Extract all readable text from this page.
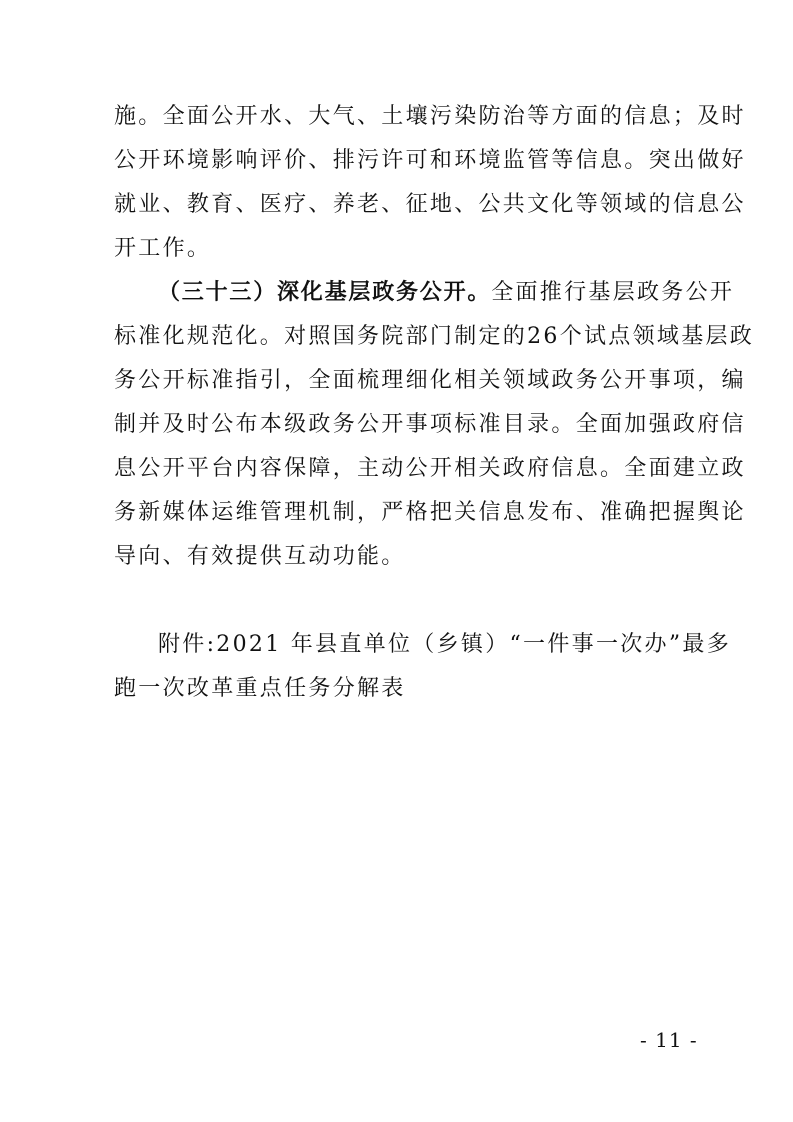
施。全面公开水、大气、土壤污染防治等方面的信息；及时
公开环境影响评价、排污许可和环境监管等信息。突出做好
就业、教育、医疗、养老、征地、公共文化等领域的信息公
开工作。
（三十三）深化基层政务公开。全面推行基层政务公开
标准化规范化。对照国务院部门制定的26个试点领域基层政
务公开标准指引，全面梳理细化相关领域政务公开事项，编
制并及时公布本级政务公开事项标准目录。全面加强政府信
息公开平台内容保障，主动公开相关政府信息。全面建立政
务新媒体运维管理机制，严格把关信息发布、准确把握舆论
导向、有效提供互动功能。
附件:2021 年县直单位（乡镇）“一件事一次办”最多
跑一次改革重点任务分解表
- 11 -
